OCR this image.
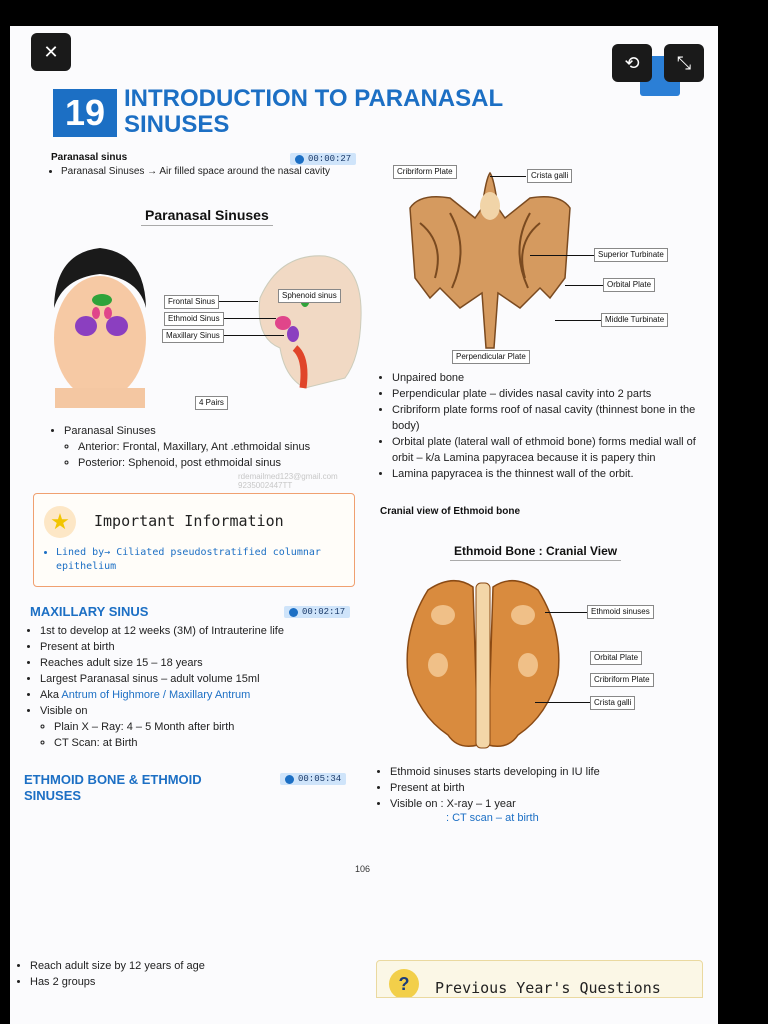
✕
⟲ ⤡
19 INTRODUCTION TO PARANASAL
SINUSES
Paranasal sinus	00:00:27
• Paranasal Sinuses → Air filled space around the nasal cavity
Paranasal Sinuses
Frontal Sinus
Ethmoid Sinus
Maxillary Sinus
Sphenoid sinus
4 Pairs
• Paranasal Sinuses
◦ Anterior: Frontal, Maxillary, Ant .ethmoidal sinus
◦ Posterior: Sphenoid, post ethmoidal sinus
rdemailmed123@gmail.com
9235002447TT
★	Important Information
• Lined by→ Ciliated pseudostratified columnar epithelium
MAXILLARY SINUS	00:02:17
• 1st to develop at 12 weeks (3M) of Intrauterine life
• Present at birth
• Reaches adult size 15 – 18 years
• Largest Paranasal sinus – adult volume 15ml
• Aka Antrum of Highmore / Maxillary Antrum
• Visible on
◦ Plain X – Ray: 4 – 5 Month after birth
◦ CT Scan: at Birth
ETHMOID BONE & ETHMOID
SINUSES
00:05:34
Cribriform Plate	Crista galli
Superior Turbinate
Orbital Plate
Middle Turbinate
Perpendicular Plate
• Unpaired bone
• Perpendicular plate – divides nasal cavity into 2 parts
• Cribriform plate forms roof of nasal cavity (thinnest bone in the body)
• Orbital plate (lateral wall of ethmoid bone) forms medial wall of orbit – k/a Lamina papyracea because it is papery thin
• Lamina papyracea is the thinnest wall of the orbit.
Cranial view of Ethmoid bone
Ethmoid Bone : Cranial View
Ethmoid sinuses
Orbital Plate
Cribriform Plate
Crista galli
• Ethmoid sinuses starts developing in IU life
• Present at birth
• Visible on : X-ray – 1 year
: CT scan – at birth
106
• Reach adult size by 12 years of age
• Has 2 groups	?	Previous Year's Questions
